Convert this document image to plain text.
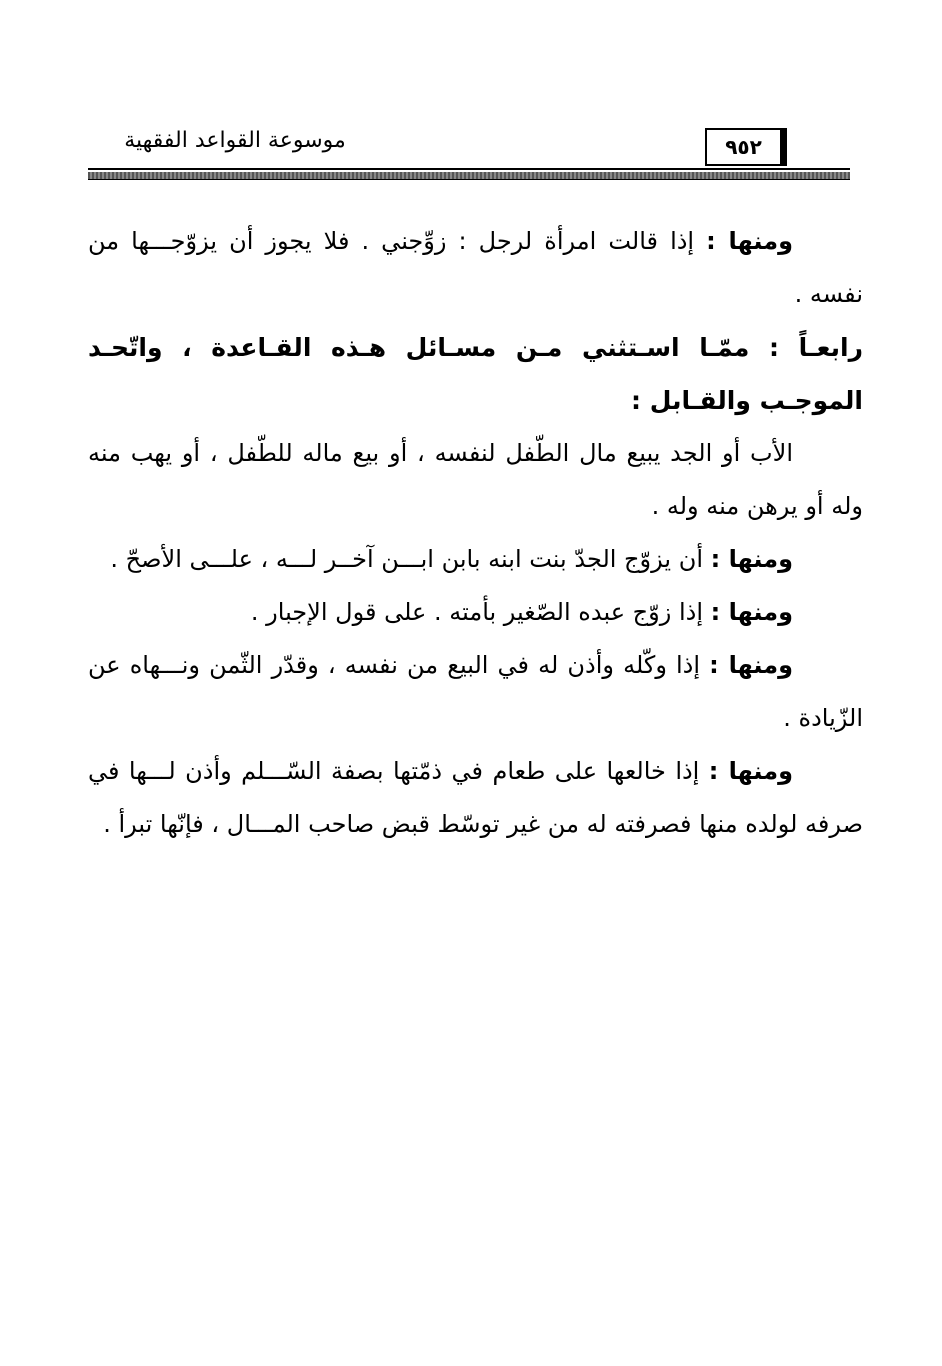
٩٥٢
موسوعة القواعد الفقهية

ومنها : إذا قالت امرأة لرجل : زوِّجني . فلا يجوز أن يزوّجـــها من نفسه .

رابعـاً : ممّـا اسـتثني مـن مسـائل هـذه القـاعدة ، واتّحـد الموجـب والقـابل :

الأب أو الجد يبيع مال الطّفل لنفسه ، أو بيع ماله للطّفل ، أو يهب منه وله أو يرهن منه وله .

ومنها : أن يزوّج الجدّ بنت ابنه بابن ابـــن آخــر لـــه ، علـــى الأصحّ .

ومنها : إذا زوّج عبده الصّغير بأمته . على قول الإجبار .

ومنها : إذا وكّله وأذن له في البيع من نفسه ، وقدّر الثّمن ونـــهاه عن الزّيادة .

ومنها : إذا خالعها على طعام في ذمّتها بصفة السّـــلم وأذن لـــها في صرفه لولده منها فصرفته له من غير توسّط قبض صاحب المـــال ، فإنّها تبرأ .
